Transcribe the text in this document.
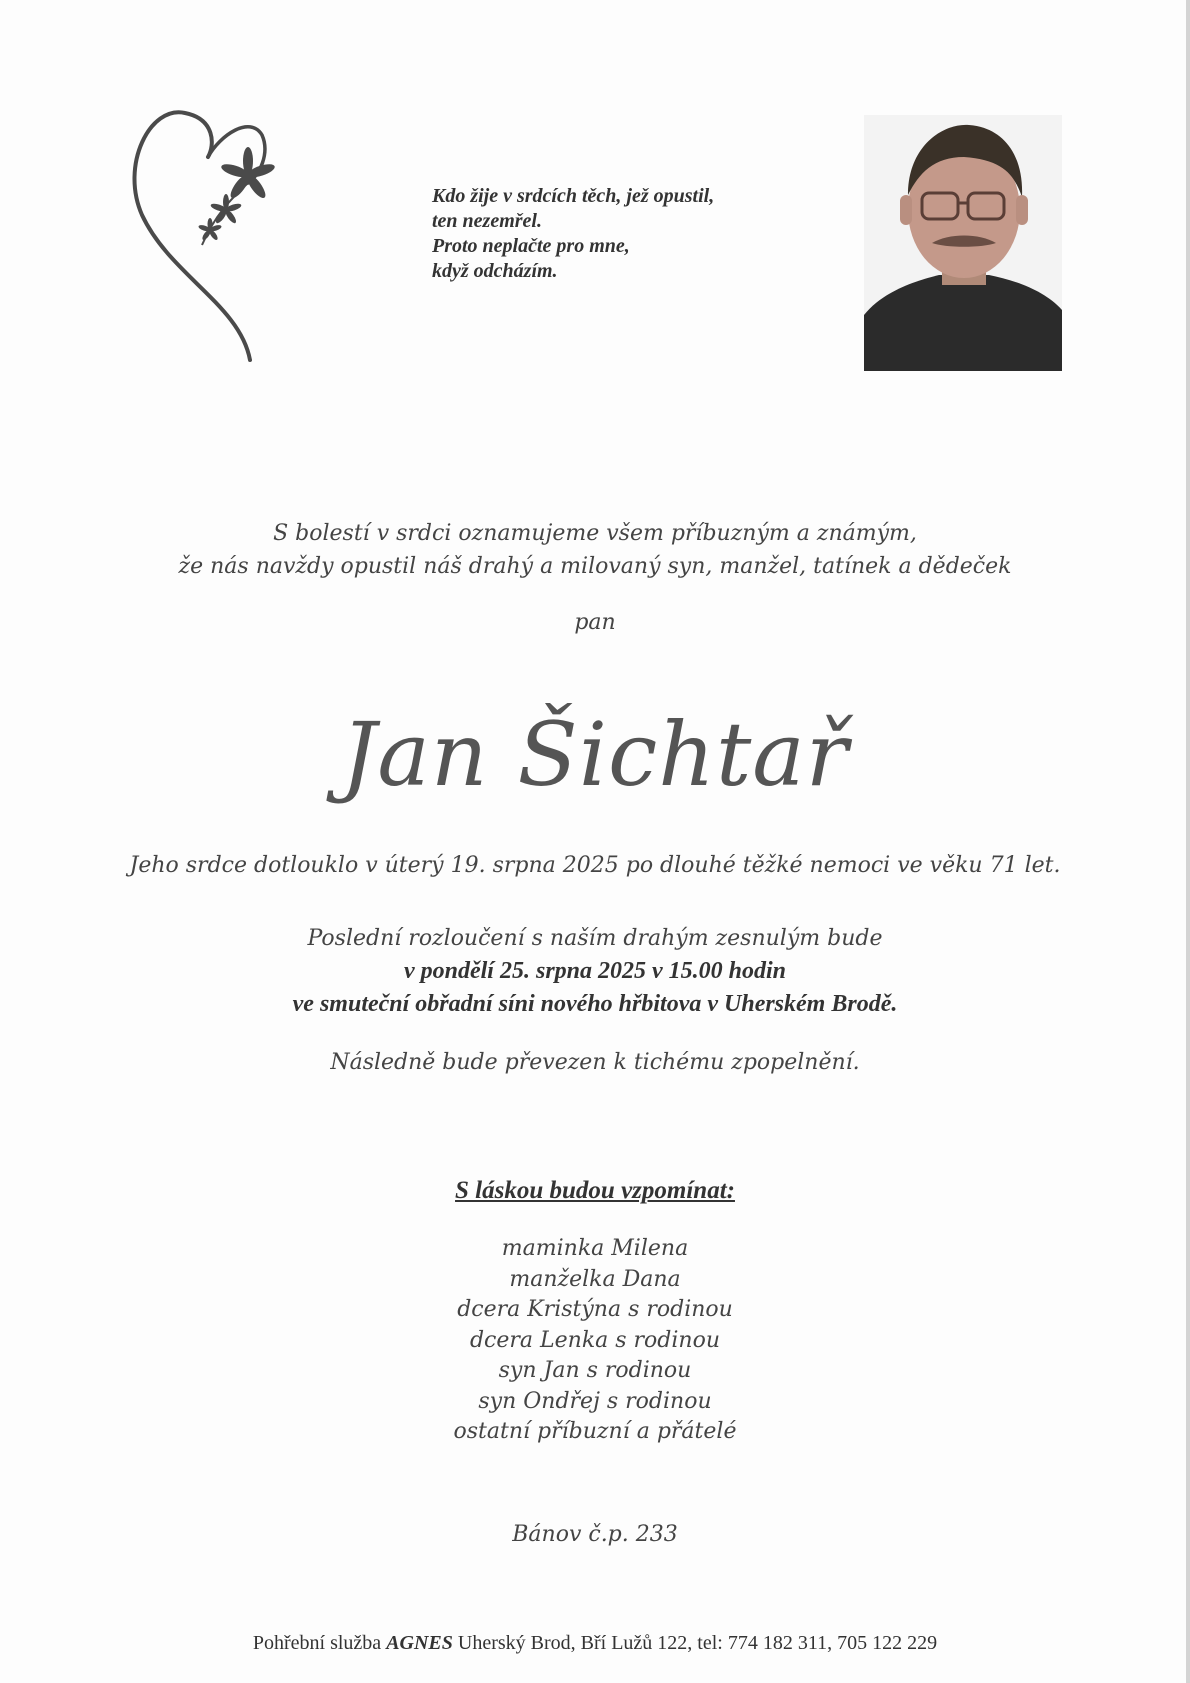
Kdo žije v srdcích těch, jež opustil,
ten nezemřel.
Proto neplačte pro mne,
když odcházím.
S bolestí v srdci oznamujeme všem příbuzným a známým,
že nás navždy opustil náš drahý a milovaný syn, manžel, tatínek a dědeček
pan
Jan Šichtař
Jeho srdce dotlouklo v úterý 19. srpna 2025 po dlouhé těžké nemoci ve věku 71 let.
Poslední rozloučení s naším drahým zesnulým bude
v pondělí 25. srpna 2025 v 15.00 hodin
ve smuteční obřadní síni nového hřbitova v Uherském Brodě.
Následně bude převezen k tichému zpopelnění.
S láskou budou vzpomínat:
maminka Milena
manželka Dana
dcera Kristýna s rodinou
dcera Lenka s rodinou
syn Jan s rodinou
syn Ondřej s rodinou
ostatní příbuzní a přátelé
Bánov č.p. 233
Pohřební služba AGNES Uherský Brod, Bří Lužů 122, tel: 774 182 311, 705 122 229
